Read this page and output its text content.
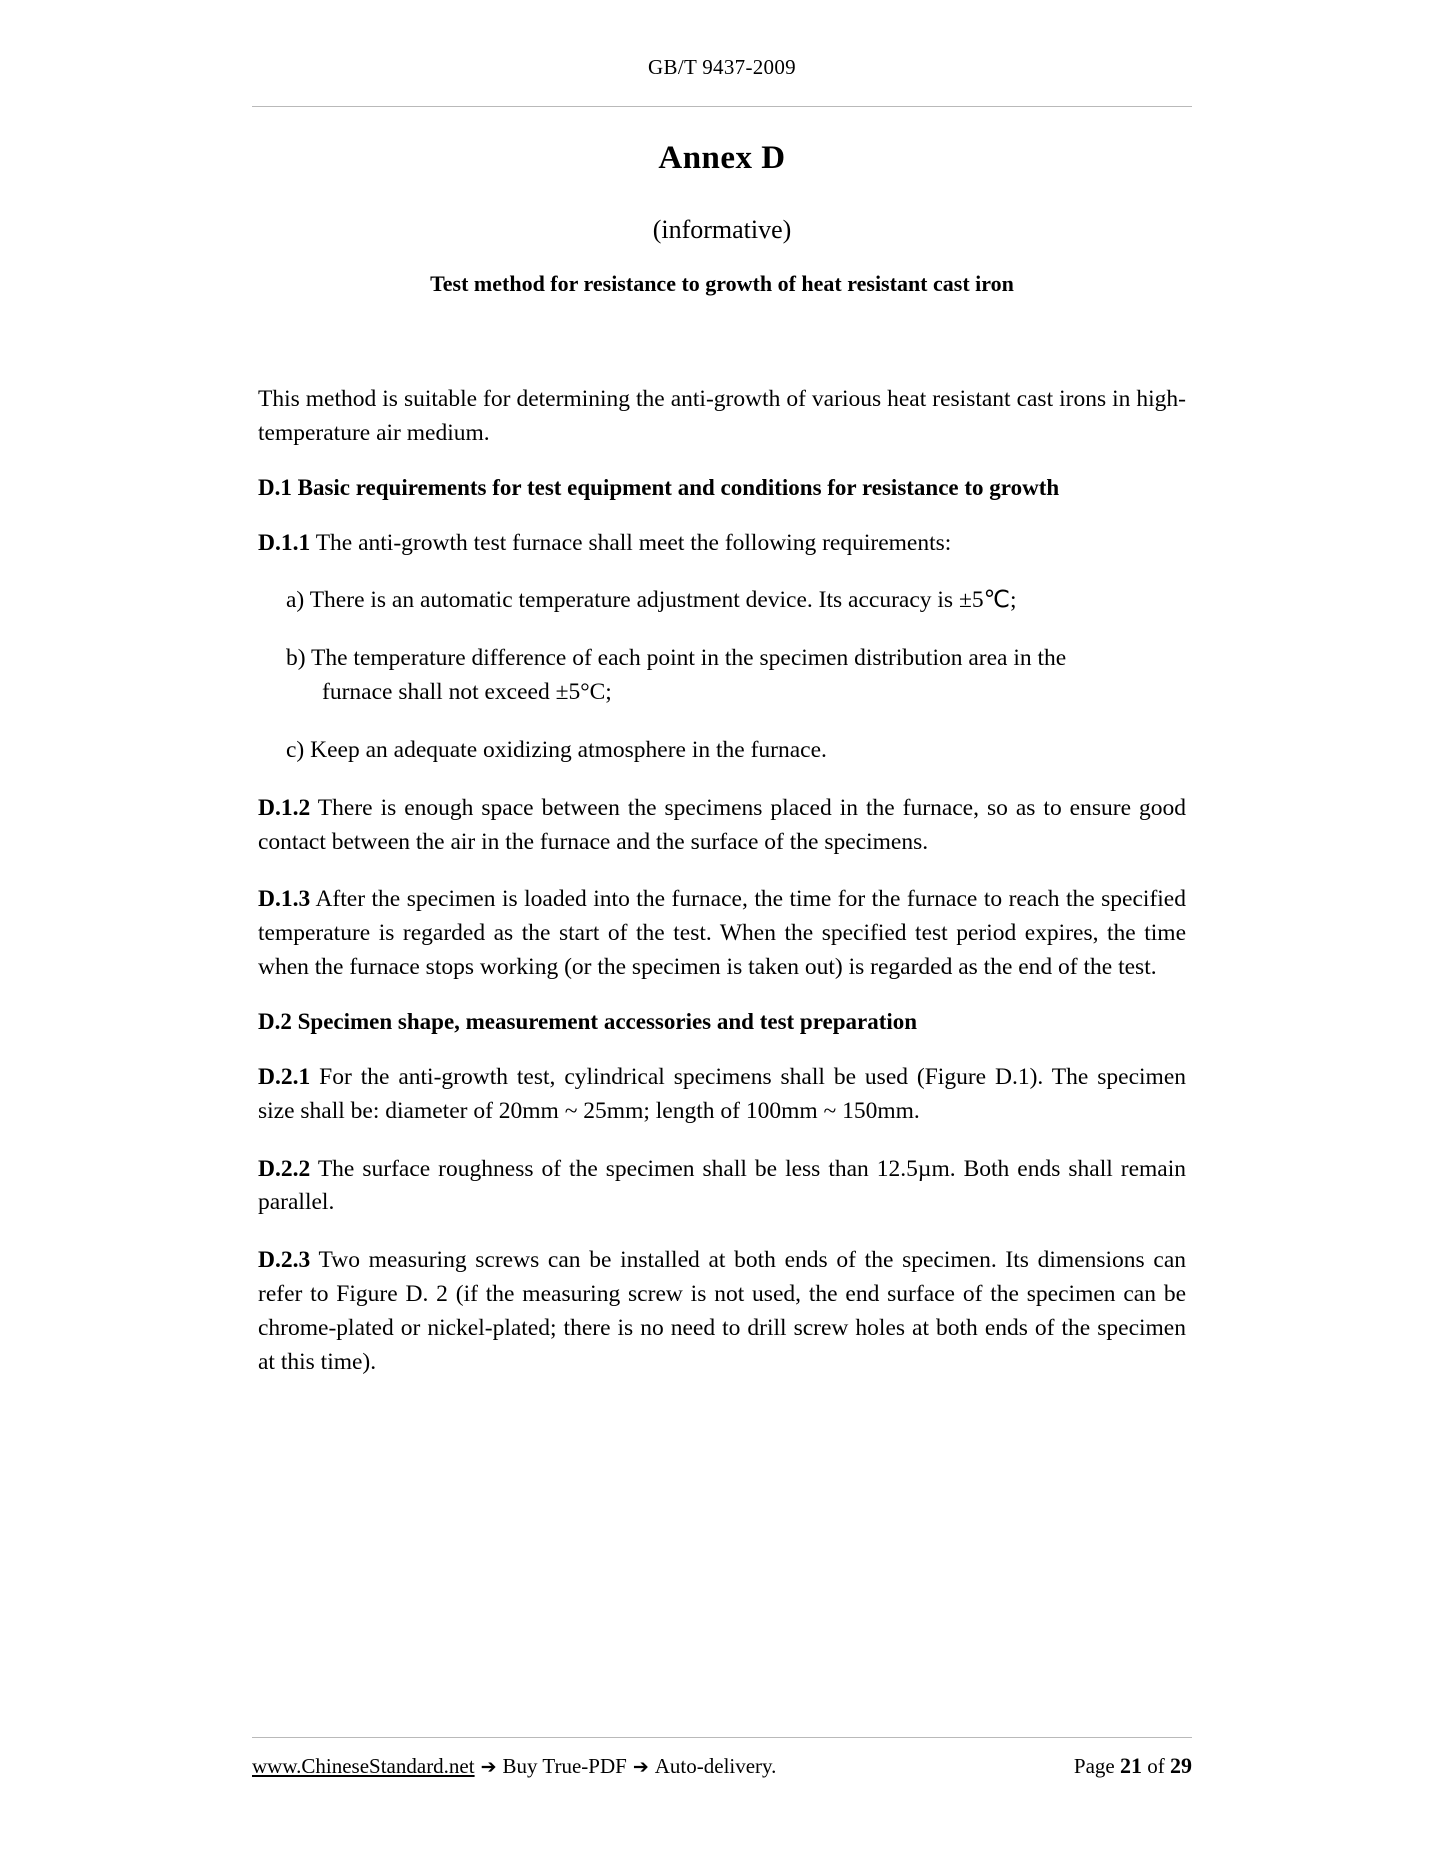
GB/T 9437-2009
Annex D
(informative)
Test method for resistance to growth of heat resistant cast iron

This method is suitable for determining the anti-growth of various heat resistant cast irons in high-temperature air medium.

D.1 Basic requirements for test equipment and conditions for resistance to growth

D.1.1 The anti-growth test furnace shall meet the following requirements:

a) There is an automatic temperature adjustment device. Its accuracy is ±5℃;

b) The temperature difference of each point in the specimen distribution area in the
furnace shall not exceed ±5°C;

c) Keep an adequate oxidizing atmosphere in the furnace.

D.1.2 There is enough space between the specimens placed in the furnace, so as to ensure good contact between the air in the furnace and the surface of the specimens.

D.1.3 After the specimen is loaded into the furnace, the time for the furnace to reach the specified temperature is regarded as the start of the test. When the specified test period expires, the time when the furnace stops working (or the specimen is taken out) is regarded as the end of the test.

D.2 Specimen shape, measurement accessories and test preparation

D.2.1 For the anti-growth test, cylindrical specimens shall be used (Figure D.1). The specimen size shall be: diameter of 20mm ~ 25mm; length of 100mm ~ 150mm.

D.2.2 The surface roughness of the specimen shall be less than 12.5µm. Both ends shall remain parallel.

D.2.3 Two measuring screws can be installed at both ends of the specimen. Its dimensions can refer to Figure D. 2 (if the measuring screw is not used, the end surface of the specimen can be chrome-plated or nickel-plated; there is no need to drill screw holes at both ends of the specimen at this time).

www.ChineseStandard.net ➔ Buy True-PDF ➔ Auto-delivery.	Page 21 of 29
